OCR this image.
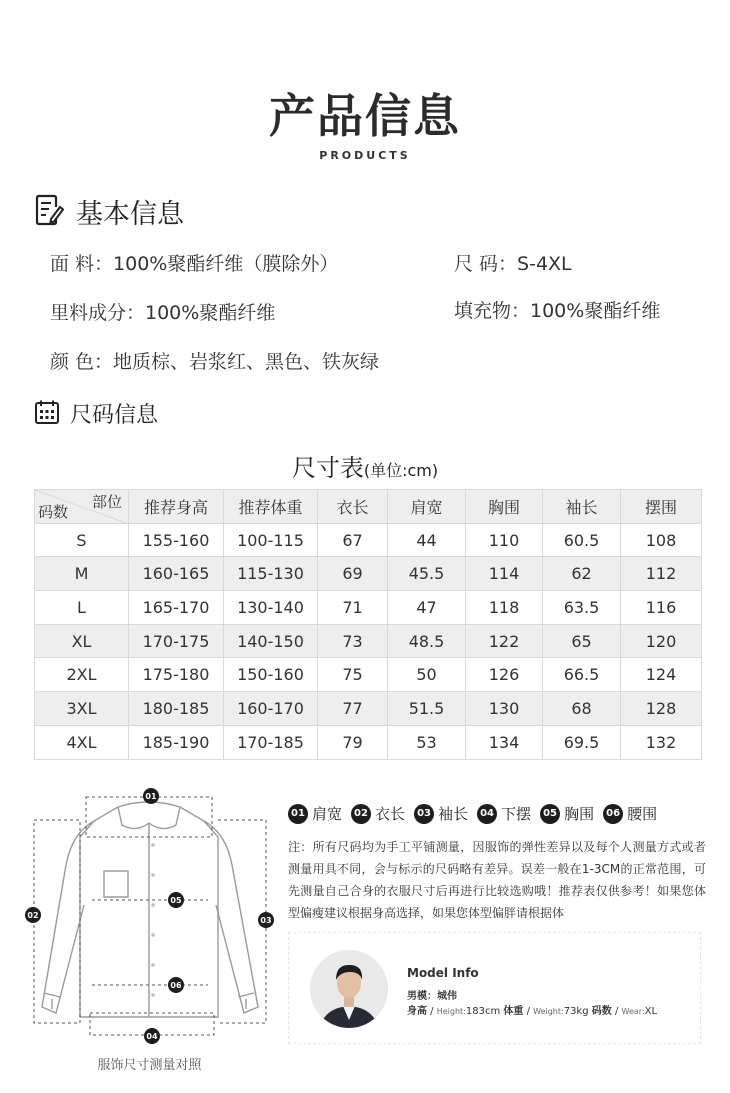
产品信息
PRODUCTS
基本信息
面 料：100%聚酯纤维（膜除外）	尺 码：S-4XL
里料成分：100%聚酯纤维	填充物：100%聚酯纤维
颜 色：地质棕、岩浆红、黑色、铁灰绿
尺码信息
尺寸表(单位:cm)
部位
码数	推荐身高	推荐体重	衣长	肩宽	胸围	袖长	摆围
S	155-160	100-115	67	44	110	60.5	108
M	160-165	115-130	69	45.5	114	62	112
L	165-170	130-140	71	47	118	63.5	116
XL	170-175	140-150	73	48.5	122	65	120
2XL	175-180	150-160	75	50	126	66.5	124
3XL	180-185	160-170	77	51.5	130	68	128
4XL	185-190	170-185	79	53	134	69.5	132
01
02
03
04
05
06
服饰尺寸测量对照
01 肩宽	02 衣长	03 袖长	04 下摆	05 胸围	06 腰围
注：所有尺码均为手工平铺测量，因服饰的弹性差异以及每个人测量方式或者测量用具不同，会与标示的尺码略有差异。误差一般在1-3CM的正常范围，可先测量自己合身的衣服尺寸后再进行比较选购哦！推荐表仅供参考！如果您体型偏瘦建议根据身高选择，如果您体型偏胖请根据体
Model Info
男模：城伟
身高 / Height:183cm 体重 / Weight:73kg 码数 / Wear:XL
